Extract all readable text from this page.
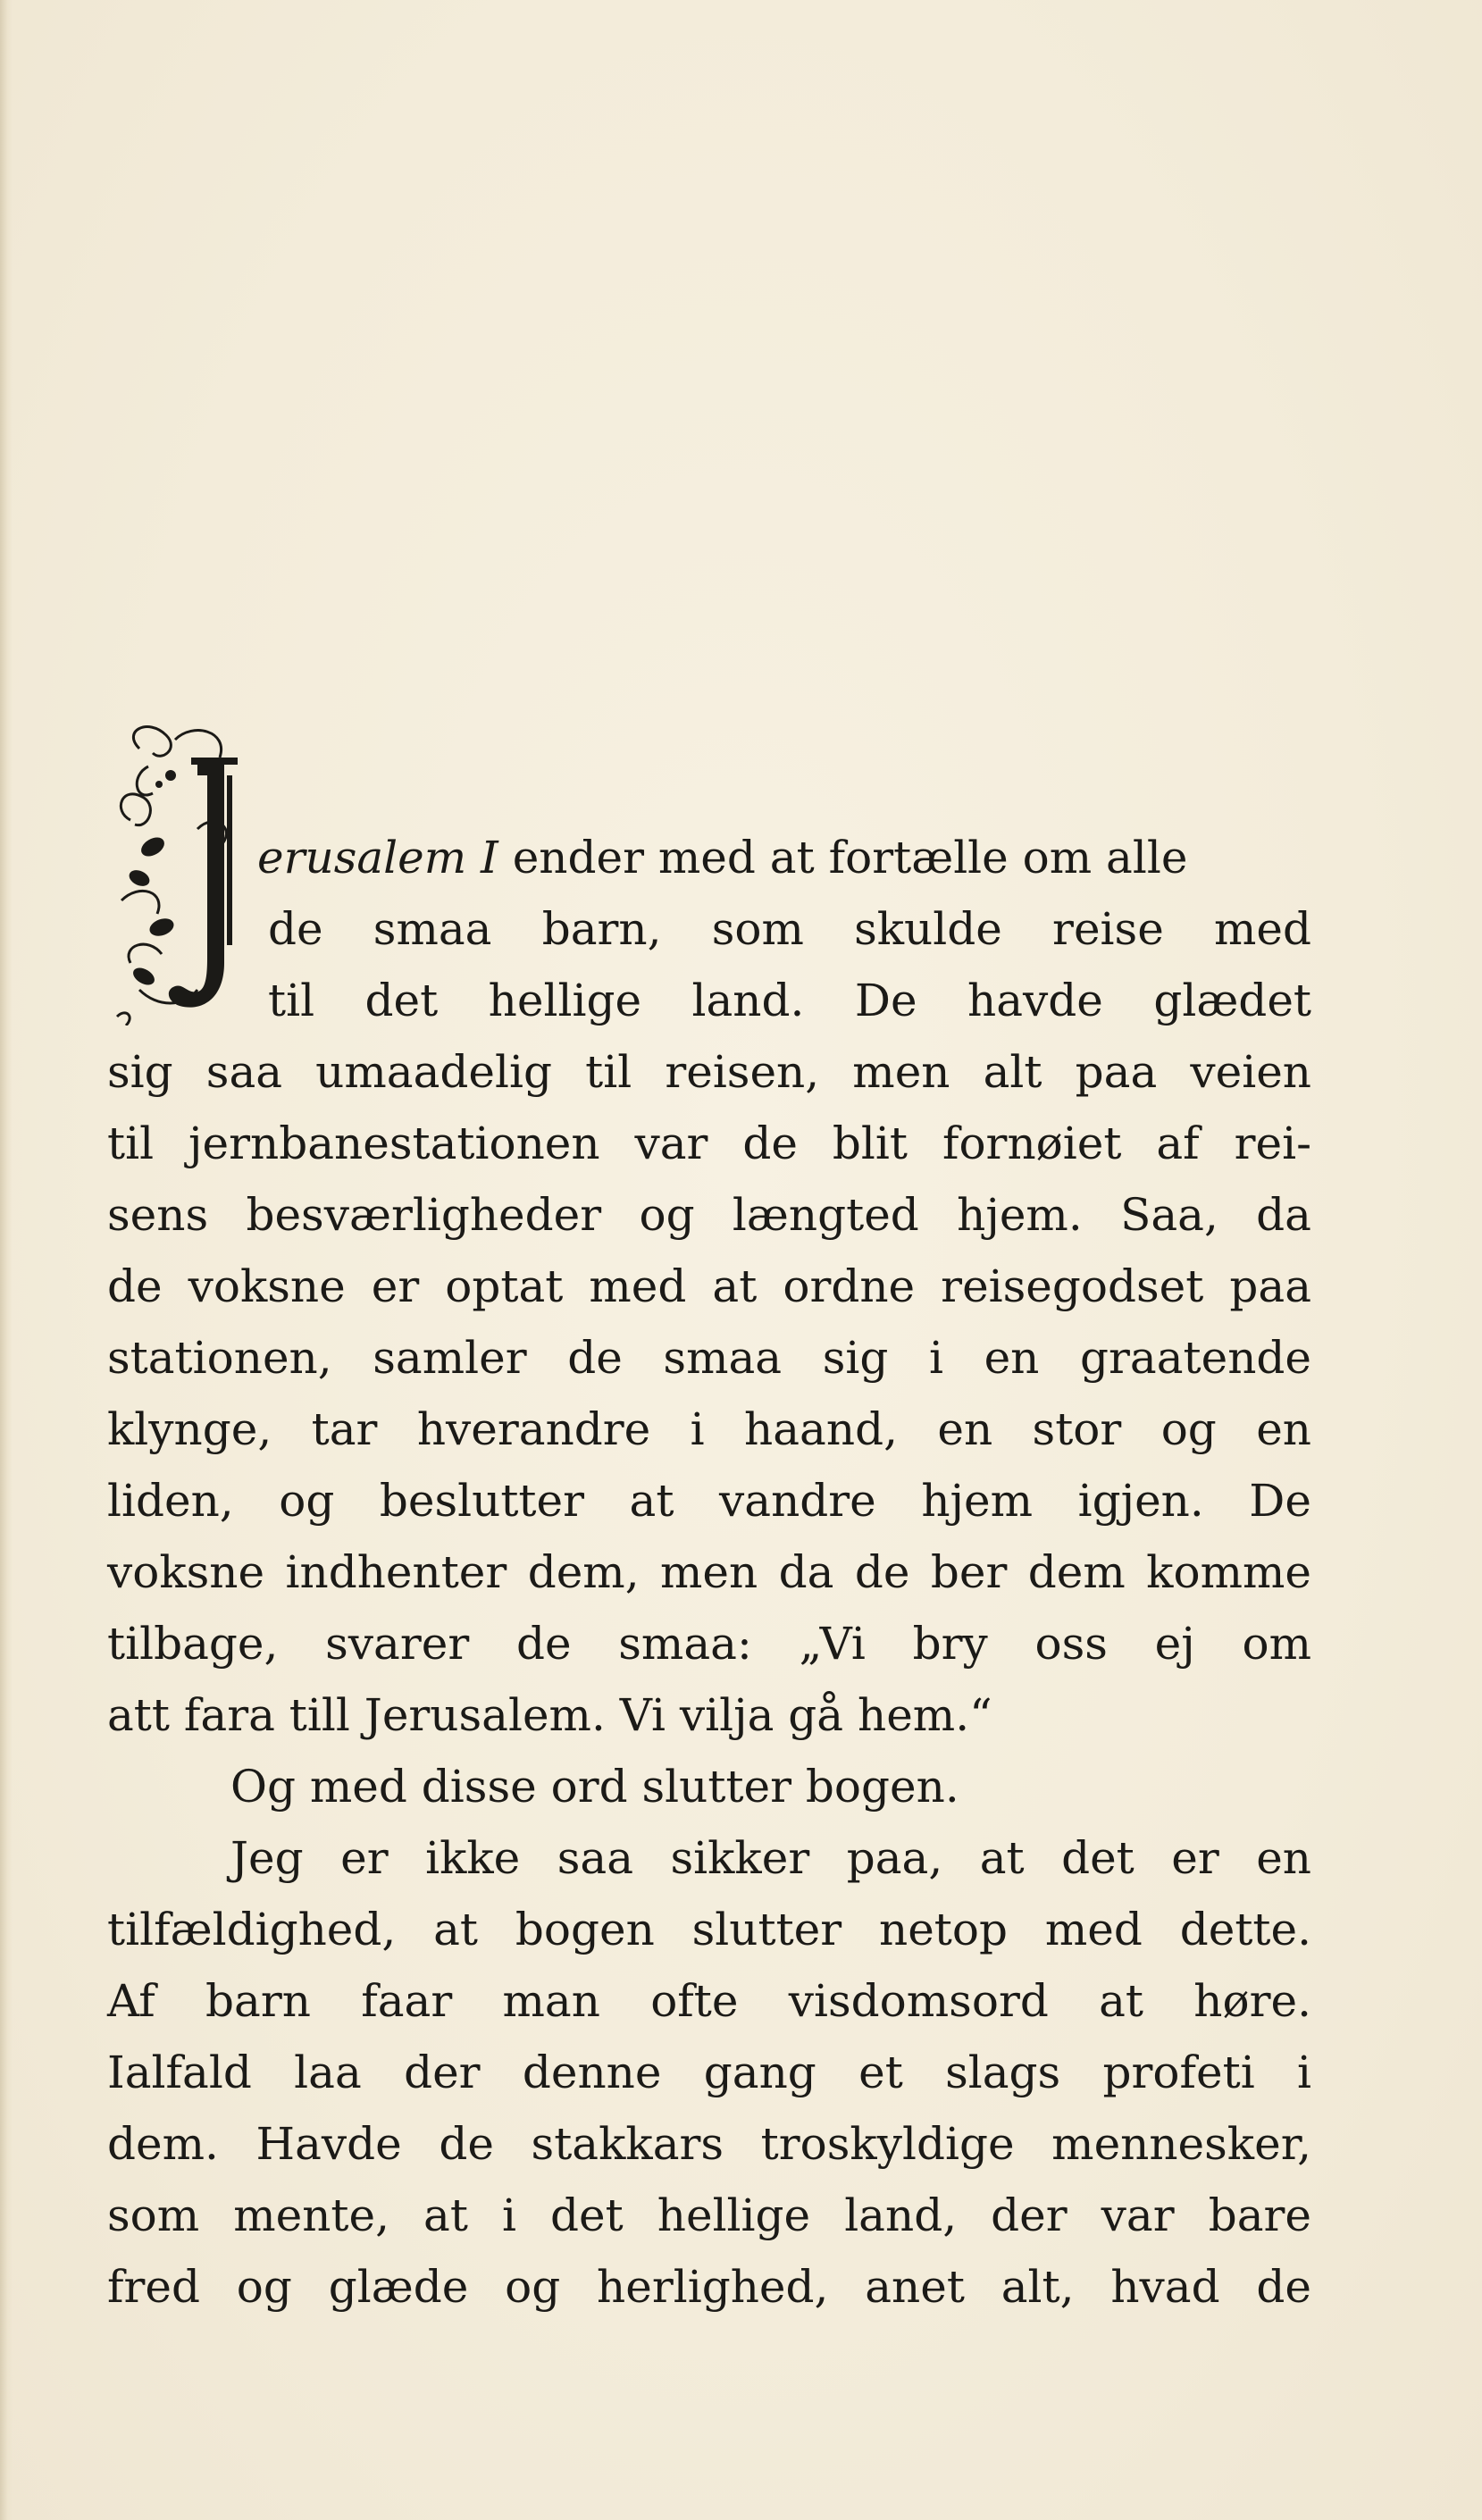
erusalem I ender med at fortælle om alle
de smaa barn, som skulde reise med
til det hellige land. De havde glædet
sig saa umaadelig til reisen, men alt paa veien
til jernbanestationen var de blit fornøiet af rei-
sens besværligheder og længted hjem. Saa, da
de voksne er optat med at ordne reisegodset paa
stationen, samler de smaa sig i en graatende
klynge, tar hverandre i haand, en stor og en
liden, og beslutter at vandre hjem igjen. De
voksne indhenter dem, men da de ber dem komme
tilbage, svarer de smaa: „Vi bry oss ej om
att fara till Jerusalem. Vi vilja gå hem.“
Og med disse ord slutter bogen.
Jeg er ikke saa sikker paa, at det er en
tilfældighed, at bogen slutter netop med dette.
Af barn faar man ofte visdomsord at høre.
Ialfald laa der denne gang et slags profeti i
dem. Havde de stakkars troskyldige mennesker,
som mente, at i det hellige land, der var bare
fred og glæde og herlighed, anet alt, hvad de
